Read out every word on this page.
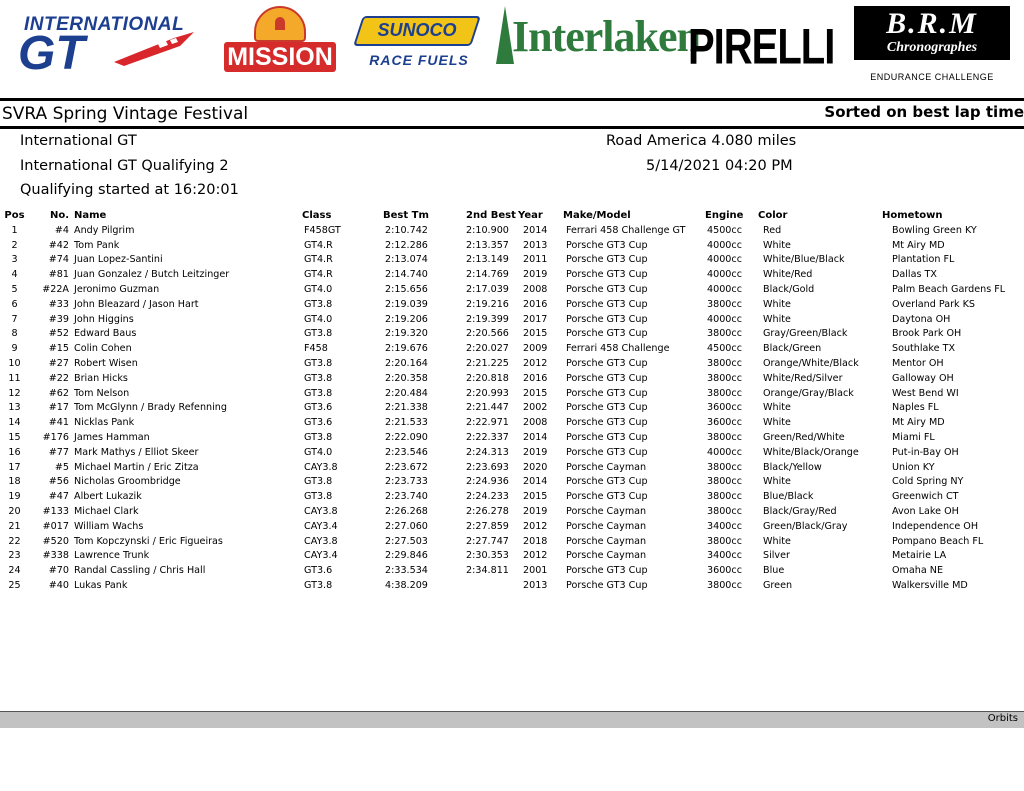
INTERNATIONAL
GT	MISSION
SUNOCO
RACE FUELS Interlaken
PIRELLI	B.R.M
Chronographes
ENDURANCE CHALLENGE
SVRA Spring Vintage Festival	Sorted on best lap time
International GT	Road America 4.080 miles
International GT Qualifying 2	5/14/2021 04:20 PM
Qualifying started at 16:20:01
Pos	No.	Name	Class	Best Tm	2nd Best	Year	Make/Model	Engine	Color	Hometown
1	#4	Andy Pilgrim	F458GT	2:10.742	2:10.900	2014	Ferrari 458 Challenge GT	4500cc	Red	Bowling Green KY
2	#42	Tom Pank	GT4.R	2:12.286	2:13.357	2013	Porsche GT3 Cup	4000cc	White	Mt Airy MD
3	#74	Juan Lopez-Santini	GT4.R	2:13.074	2:13.149	2011	Porsche GT3 Cup	4000cc	White/Blue/Black	Plantation FL
4	#81	Juan Gonzalez / Butch Leitzinger	GT4.R	2:14.740	2:14.769	2019	Porsche GT3 Cup	4000cc	White/Red	Dallas TX
5	#22A	Jeronimo Guzman	GT4.0	2:15.656	2:17.039	2008	Porsche GT3 Cup	4000cc	Black/Gold	Palm Beach Gardens FL
6	#33	John Bleazard / Jason Hart	GT3.8	2:19.039	2:19.216	2016	Porsche GT3 Cup	3800cc	White	Overland Park KS
7	#39	John Higgins	GT4.0	2:19.206	2:19.399	2017	Porsche GT3 Cup	4000cc	White	Daytona OH
8	#52	Edward Baus	GT3.8	2:19.320	2:20.566	2015	Porsche GT3 Cup	3800cc	Gray/Green/Black	Brook Park OH
9	#15	Colin Cohen	F458	2:19.676	2:20.027	2009	Ferrari 458 Challenge	4500cc	Black/Green	Southlake TX
10	#27	Robert Wisen	GT3.8	2:20.164	2:21.225	2012	Porsche GT3 Cup	3800cc	Orange/White/Black	Mentor OH
11	#22	Brian Hicks	GT3.8	2:20.358	2:20.818	2016	Porsche GT3 Cup	3800cc	White/Red/Silver	Galloway OH
12	#62	Tom Nelson	GT3.8	2:20.484	2:20.993	2015	Porsche GT3 Cup	3800cc	Orange/Gray/Black	West Bend WI
13	#17	Tom McGlynn / Brady Refenning	GT3.6	2:21.338	2:21.447	2002	Porsche GT3 Cup	3600cc	White	Naples FL
14	#41	Nicklas Pank	GT3.6	2:21.533	2:22.971	2008	Porsche GT3 Cup	3600cc	White	Mt Airy MD
15	#176	James Hamman	GT3.8	2:22.090	2:22.337	2014	Porsche GT3 Cup	3800cc	Green/Red/White	Miami FL
16	#77	Mark Mathys / Elliot Skeer	GT4.0	2:23.546	2:24.313	2019	Porsche GT3 Cup	4000cc	White/Black/Orange	Put-in-Bay OH
17	#5	Michael Martin / Eric Zitza	CAY3.8	2:23.672	2:23.693	2020	Porsche Cayman	3800cc	Black/Yellow	Union KY
18	#56	Nicholas Groombridge	GT3.8	2:23.733	2:24.936	2014	Porsche GT3 Cup	3800cc	White	Cold Spring NY
19	#47	Albert Lukazik	GT3.8	2:23.740	2:24.233	2015	Porsche GT3 Cup	3800cc	Blue/Black	Greenwich CT
20	#133	Michael Clark	CAY3.8	2:26.268	2:26.278	2019	Porsche Cayman	3800cc	Black/Gray/Red	Avon Lake OH
21	#017	William Wachs	CAY3.4	2:27.060	2:27.859	2012	Porsche Cayman	3400cc	Green/Black/Gray	Independence OH
22	#520	Tom Kopczynski / Eric Figueiras	CAY3.8	2:27.503	2:27.747	2018	Porsche Cayman	3800cc	White	Pompano Beach FL
23	#338	Lawrence Trunk	CAY3.4	2:29.846	2:30.353	2012	Porsche Cayman	3400cc	Silver	Metairie LA
24	#70	Randal Cassling / Chris Hall	GT3.6	2:33.534	2:34.811	2001	Porsche GT3 Cup	3600cc	Blue	Omaha NE
25	#40	Lukas Pank	GT3.8	4:38.209		2013	Porsche GT3 Cup	3800cc	Green	Walkersville MD
Orbits
